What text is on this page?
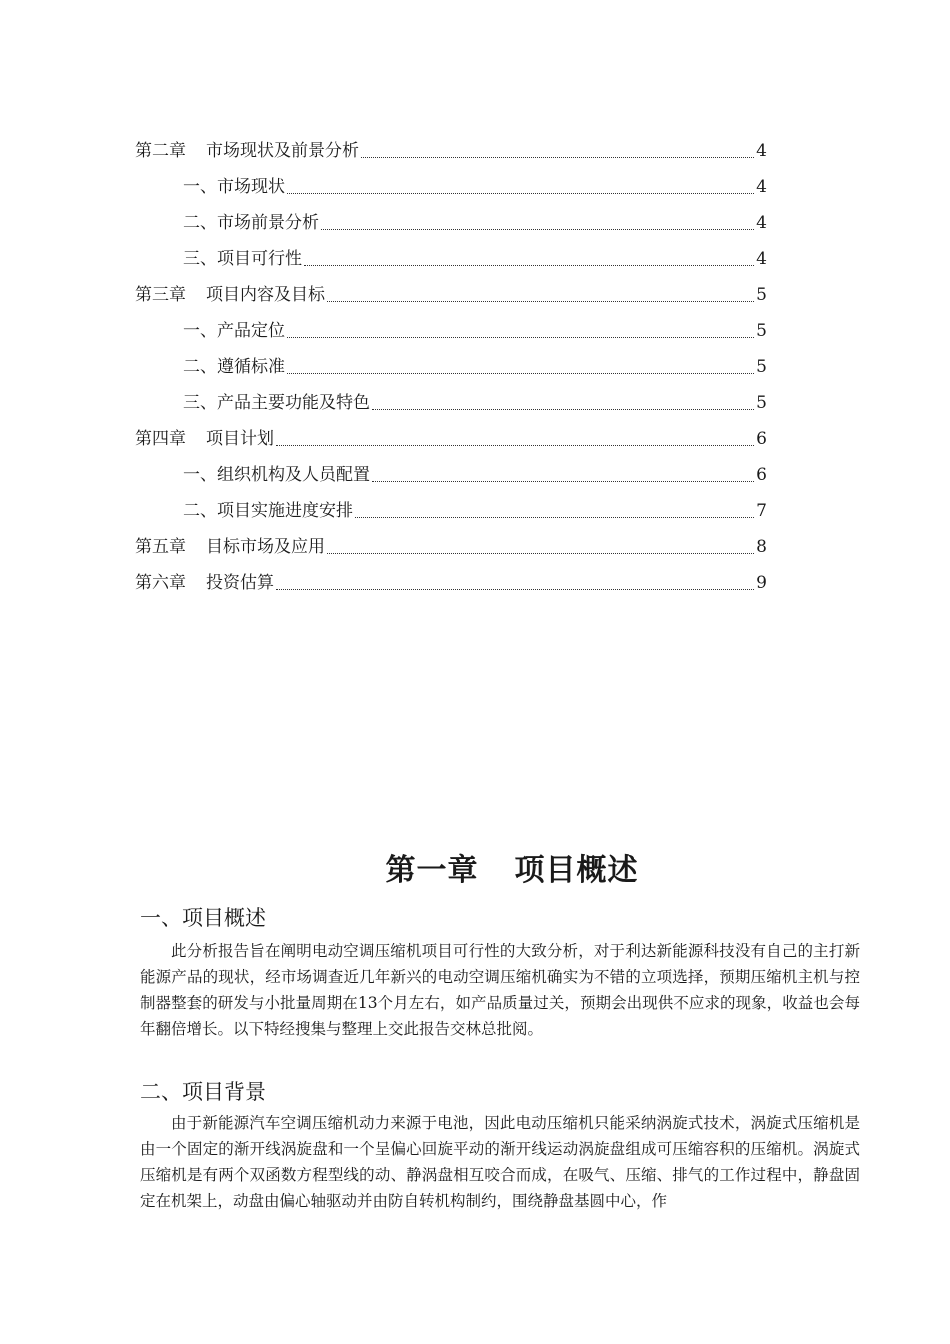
第二章 市场现状及前景分析	4
一、市场现状	4
二、市场前景分析	4
三、项目可行性	4
第三章 项目内容及目标	5
一、产品定位	5
二、遵循标准	5
三、产品主要功能及特色	5
第四章 项目计划	6
一、组织机构及人员配置	6
二、项目实施进度安排	7
第五章 目标市场及应用	8
第六章 投资估算	9
第一章 项目概述
一、项目概述

此分析报告旨在阐明电动空调压缩机项目可行性的大致分析，对于利达新能源科技没有自己的主打新能源产品的现状，经市场调查近几年新兴的电动空调压缩机确实为不错的立项选择，预期压缩机主机与控制器整套的研发与小批量周期在13个月左右，如产品质量过关，预期会出现供不应求的现象，收益也会每年翻倍增长。以下特经搜集与整理上交此报告交林总批阅。

二、项目背景

由于新能源汽车空调压缩机动力来源于电池，因此电动压缩机只能采纳涡旋式技术，涡旋式压缩机是由一个固定的渐开线涡旋盘和一个呈偏心回旋平动的渐开线运动涡旋盘组成可压缩容积的压缩机。涡旋式压缩机是有两个双函数方程型线的动、静涡盘相互咬合而成，在吸气、压缩、排气的工作过程中，静盘固定在机架上，动盘由偏心轴驱动并由防自转机构制约，围绕静盘基圆中心，作
